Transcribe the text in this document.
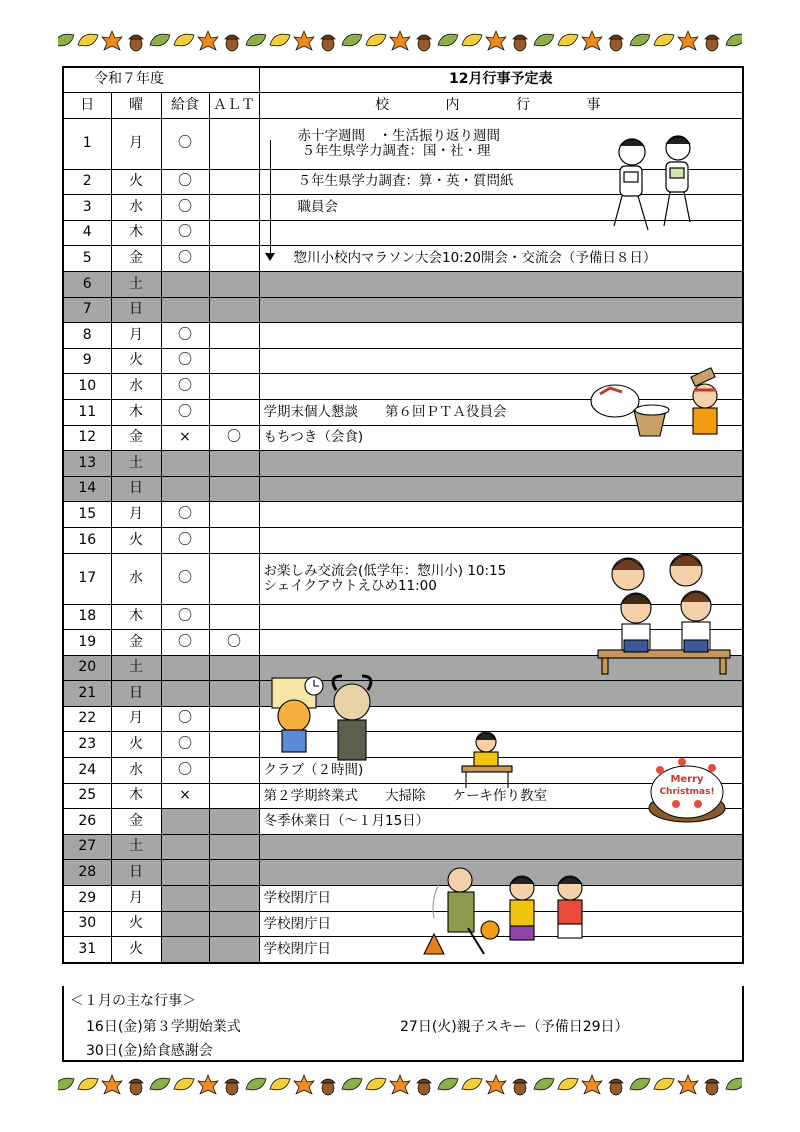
令和７年度				12月行事予定表
日	曜	給食	ＡＬＴ	校 内 行 事
1	月	〇		赤十字週間　・生活振り返り週間
５年生県学力調査：国・社・理

2	火	〇		５年生県学力調査：算・英・質問紙

3	水	〇		職員会

4	木	〇		

5	金	〇		惣川小校内マラソン大会10:20開会・交流会（予備日８日）

6	土			

7	日			

8	月	〇		

9	火	〇		

10	水	〇		

11	木	〇		学期末個人懇談　　第６回ＰＴＡ役員会

12	金	×	〇	もちつき（会食)

13	土			

14	日			

15	月	〇		

16	火	〇		

17	水	〇		お楽しみ交流会(低学年：惣川小) 10:15
シェイクアウトえひめ11:00

18	木	〇		

19	金	〇	〇	

20	土			

21	日			

22	月	〇		

23	火	〇		

24	水	〇		クラブ（２時間)

25	木	×		第２学期終業式　　大掃除　　ケーキ作り教室

26	金			冬季休業日（～１月15日）

27	土			

28	日			

29	月			学校閉庁日

30	火			学校閉庁日

31	火			学校閉庁日
Merry
Christmas!
＜１月の主な行事＞
16日(金)第３学期始業式	27日(火)親子スキー（予備日29日）
30日(金)給食感謝会
